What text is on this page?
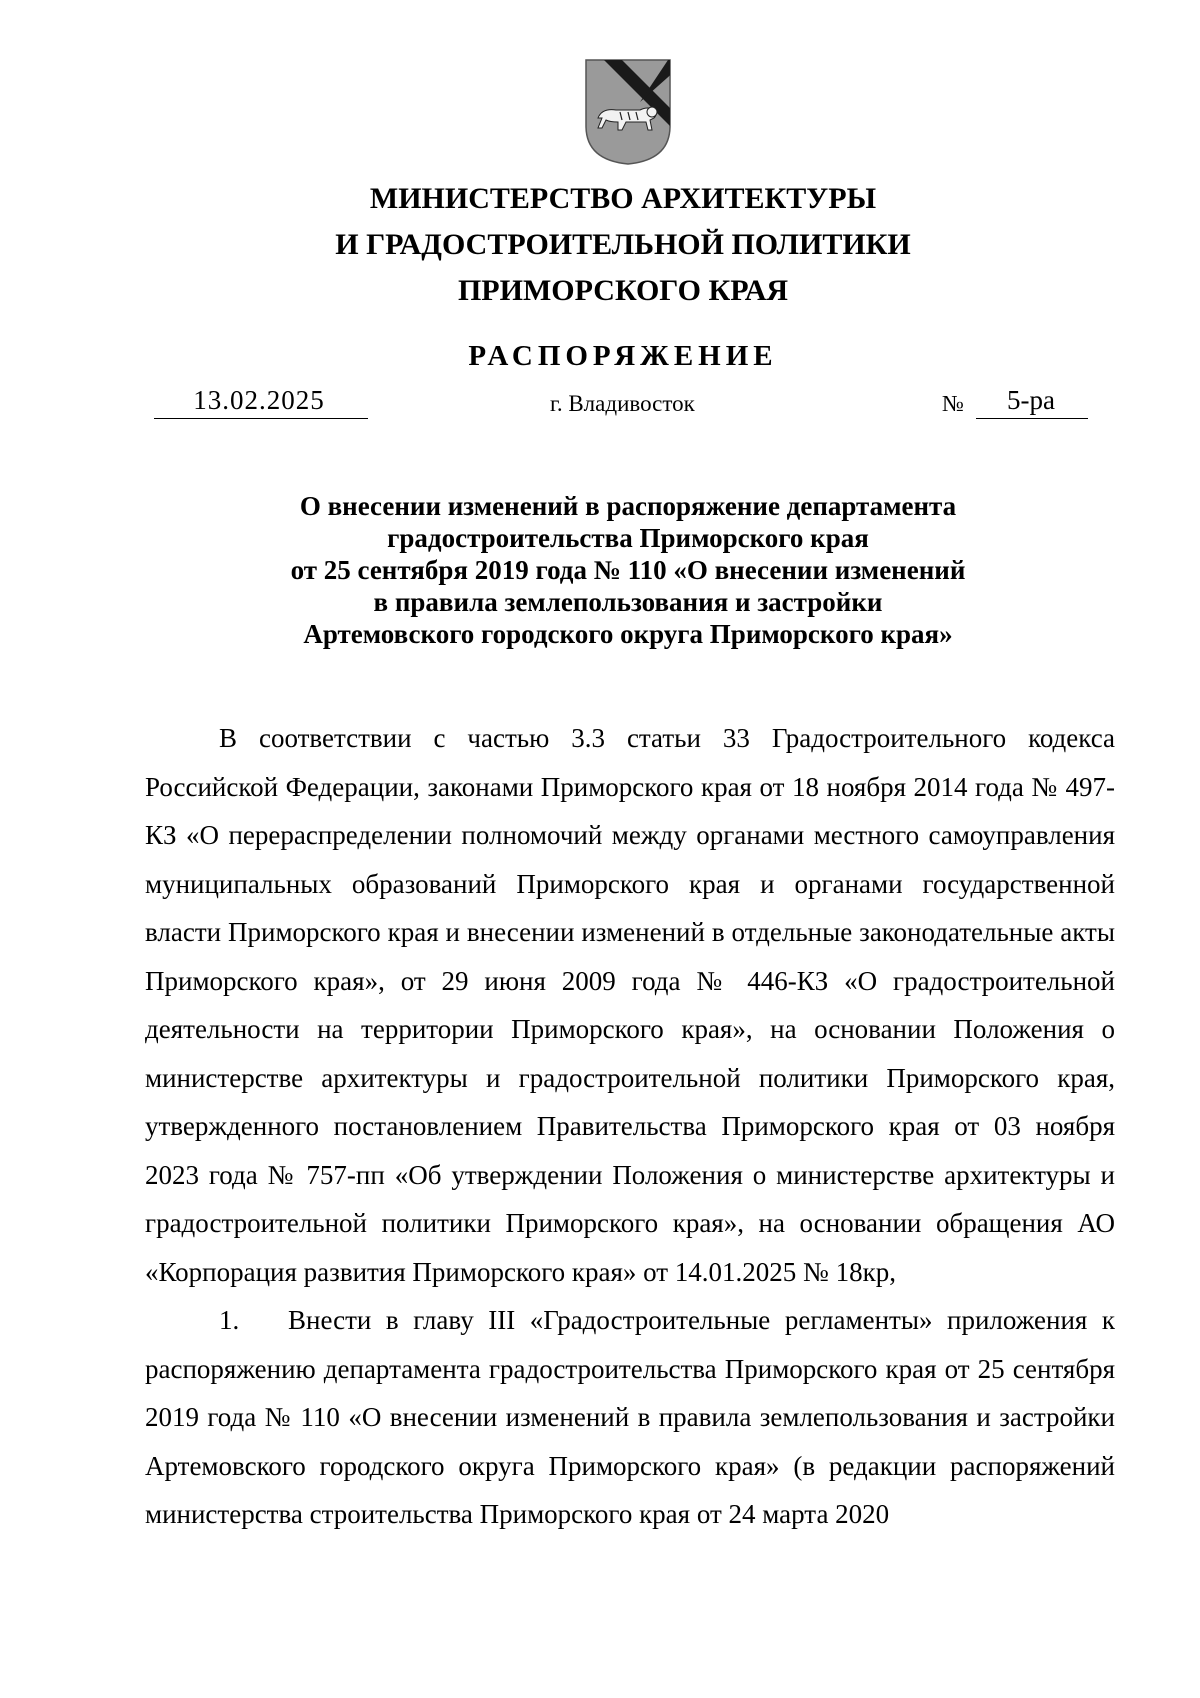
МИНИСТЕРСТВО АРХИТЕКТУРЫ
И ГРАДОСТРОИТЕЛЬНОЙ ПОЛИТИКИ
ПРИМОРСКОГО КРАЯ
РАСПОРЯЖЕНИЕ
13.02.2025	г. Владивосток	№	5-ра
О внесении изменений в распоряжение департамента
градостроительства Приморского края
от 25 сентября 2019 года № 110 «О внесении изменений
в правила землепользования и застройки
Артемовского городского округа Приморского края»

В соответствии с частью 3.3 статьи 33 Градостроительного кодекса Российской Федерации, законами Приморского края от 18 ноября 2014 года № 497-КЗ «О перераспределении полномочий между органами местного самоуправления муниципальных образований Приморского края и органами государственной власти Приморского края и внесении изменений в отдельные законодательные акты Приморского края», от 29 июня 2009 года № 446-КЗ «О градостроительной деятельности на территории Приморского края», на основании Положения о министерстве архитектуры и градостроительной политики Приморского края, утвержденного постановлением Правительства Приморского края от 03 ноября 2023 года № 757-пп «Об утверждении Положения о министерстве архитектуры и градостроительной политики Приморского края», на основании обращения АО «Корпорация развития Приморского края» от 14.01.2025 № 18кр,

1. Внести в главу III «Градостроительные регламенты» приложения к распоряжению департамента градостроительства Приморского края от 25 сентября 2019 года № 110 «О внесении изменений в правила землепользования и застройки Артемовского городского округа Приморского края» (в редакции распоряжений министерства строительства Приморского края от 24 марта 2020
